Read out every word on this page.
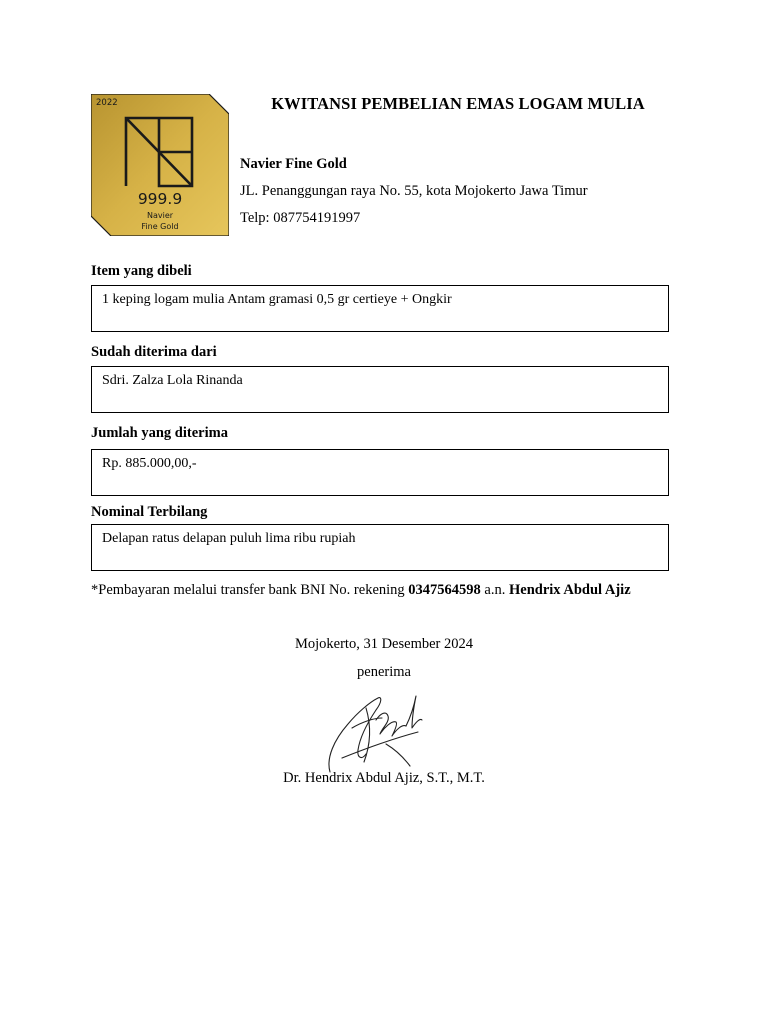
2022
999.9
Navier
Fine Gold
KWITANSI PEMBELIAN EMAS LOGAM MULIA
Navier Fine Gold
JL. Penanggungan raya No. 55, kota Mojokerto Jawa Timur
Telp: 087754191997
Item yang dibeli
1 keping logam mulia Antam gramasi 0,5 gr certieye + Ongkir
Sudah diterima dari
Sdri. Zalza Lola Rinanda
Jumlah yang diterima
Rp. 885.000,00,-
Nominal Terbilang
Delapan ratus delapan puluh lima ribu rupiah
*Pembayaran melalui transfer bank BNI No. rekening 0347564598 a.n. Hendrix Abdul Ajiz
Mojokerto, 31 Desember 2024
penerima
Dr. Hendrix Abdul Ajiz, S.T., M.T.
